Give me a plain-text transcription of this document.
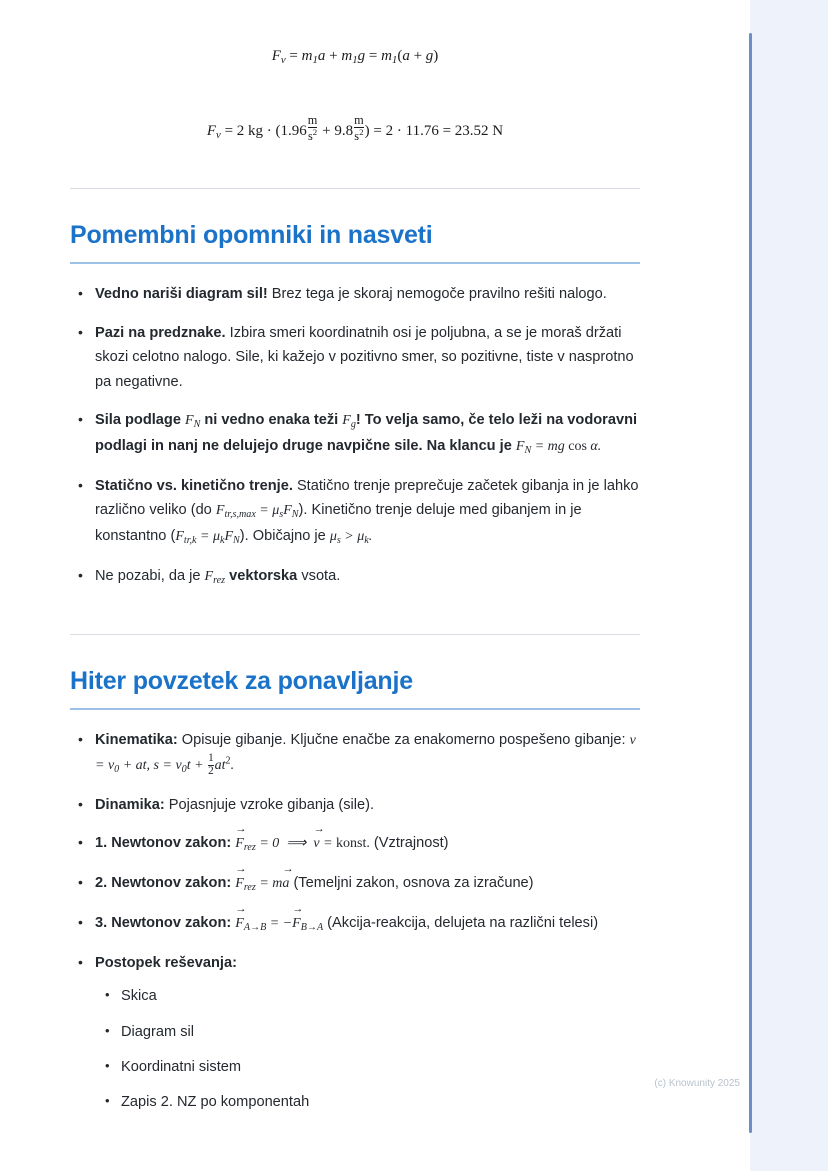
$F_v = m_1a + m_1g = m_1(a + g)$
$F_v = 2$ kg · ($1.96 \frac{m}{s^2} + 9.8 \frac{m}{s^2}$ ) = 2 · 11.76 = 23.52 N
Pomembni opomniki in nasveti
• Vedno nariši diagram sil! Brez tega je skoraj nemogoče pravilno rešiti nalogo.
• Pazi na predznake. Izbira smeri koordinatnih osi je poljubna, a se je moraš držati skozi celotno nalogo. Sile, ki kažejo v pozitivno smer, so pozitivne, tiste v nasprotno pa negativne.
• Sila podlage $F_N$ ni vedno enaka teži $F_g$! To velja samo, če telo leži na vodoravni podlagi in nanj ne delujejo druge navpične sile. Na klancu je $F_N$ = mg cos α.
• Statično vs. kinetično trenje. Statično trenje preprečuje začetek gibanja in je lahko različno veliko (do $F_{tr,s,max} = \mu_sF_N$). Kinetično trenje deluje med gibanjem in je konstantno $(F_{tr,k} = \mu_kF_N)$. Običajno je $\mu_s > \mu_k$.
• Ne pozabi, da je $F_{rez}$ vektorska vsota.
Hiter povzetek za ponavljanje
• Kinematika: Opisuje gibanje. Ključne enačbe za enakomerno pospešeno gibanje: $v = v_0$ + at, $s = v_0t + \frac{1}{2} at^2$.
• Dinamika: Pojasnjuje vzroke gibanja (sile).
• 1. Newtonov zakon:
→
$F_{rez} = 0$  ⟹
→
v = konst. (Vztrajnost)
• 2. Newtonov zakon:
→
$F_{rez} = m$
→
a (Temeljni zakon, osnova za izračune)
• 3. Newtonov zakon:
→
$F_{A\to B}$ = −
→
$F_{B\to A}$ (Akcija-reakcija, delujeta na različni telesi)
• Postopek reševanja:
• Skica
• Diagram sil
• Koordinatni sistem
• Zapis 2. NZ po komponentah
(c) Knowunity 2025
